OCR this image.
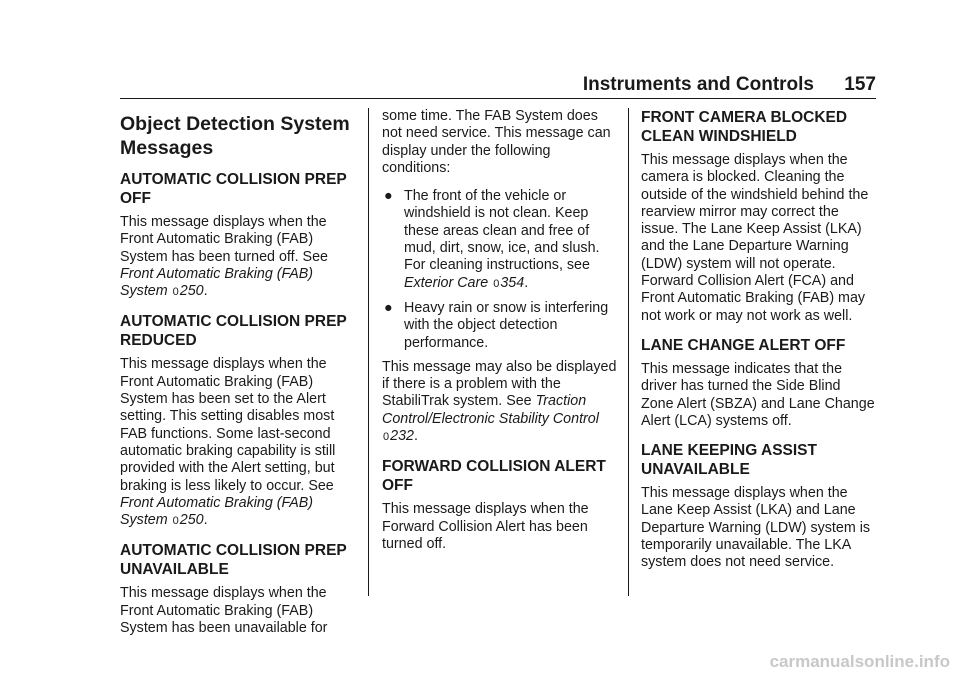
Instruments and Controls 157
Object Detection System Messages
AUTOMATIC COLLISION PREP OFF
This message displays when the Front Automatic Braking (FAB) System has been turned off. See Front Automatic Braking (FAB) System 0250.
AUTOMATIC COLLISION PREP REDUCED
This message displays when the Front Automatic Braking (FAB) System has been set to the Alert setting. This setting disables most FAB functions. Some last-second automatic braking capability is still provided with the Alert setting, but braking is less likely to occur. See Front Automatic Braking (FAB) System 0250.
AUTOMATIC COLLISION PREP UNAVAILABLE
This message displays when the Front Automatic Braking (FAB) System has been unavailable for
some time. The FAB System does not need service. This message can display under the following conditions:
● The front of the vehicle or windshield is not clean. Keep these areas clean and free of mud, dirt, snow, ice, and slush. For cleaning instructions, see Exterior Care 0354.
● Heavy rain or snow is interfering with the object detection performance.
This message may also be displayed if there is a problem with the StabiliTrak system. See Traction Control/Electronic Stability Control 0232.
FORWARD COLLISION ALERT OFF
This message displays when the Forward Collision Alert has been turned off.
FRONT CAMERA BLOCKED CLEAN WINDSHIELD
This message displays when the camera is blocked. Cleaning the outside of the windshield behind the rearview mirror may correct the issue. The Lane Keep Assist (LKA) and the Lane Departure Warning (LDW) system will not operate. Forward Collision Alert (FCA) and Front Automatic Braking (FAB) may not work or may not work as well.
LANE CHANGE ALERT OFF
This message indicates that the driver has turned the Side Blind Zone Alert (SBZA) and Lane Change Alert (LCA) systems off.
LANE KEEPING ASSIST UNAVAILABLE
This message displays when the Lane Keep Assist (LKA) and Lane Departure Warning (LDW) system is temporarily unavailable. The LKA system does not need service.
carmanualsonline.info
